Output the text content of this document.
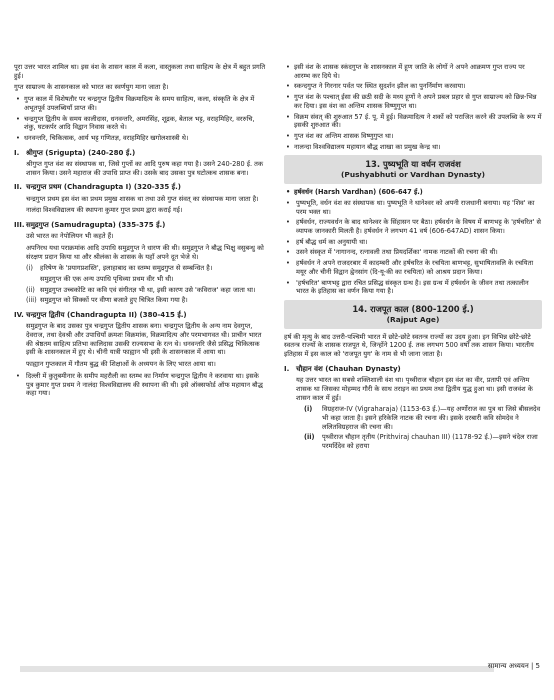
पूरा उत्तर भारत शामिल था। इस वंश के शासन काल में कला, वास्तुकला तथा साहित्य के क्षेत्र में बहुत प्रगति हुई।

गुप्त साम्राज्य के शासनकाल को भारत का स्वर्णयुग माना जाता है।

• गुप्त काल में विशेषतौर पर चन्द्रगुप्त द्वितीय विक्रमादित्य के समय साहित्य, कला, संस्कृति के क्षेत्र में अभूतपूर्व उपलब्धियाँ प्राप्त की।
• चन्द्रगुप्त द्वितीय के समय कालीदास, धनवन्तरि, अमरसिंह, शूद्रक, बेताल भट्ट, वराहमिहिर, वररुचि, शंकु, घटकर्पर आदि विद्वान निवास करते थे।
• धनवन्तरि, चिकित्सक, आर्य भट्ट गणितज्ञ, वराहमिहिर खगोलशास्त्री थे।
I. श्रीगुप्त (Srigupta) (240-280 ई.)

श्रीगुप्त गुप्त वंश का संस्थापक था, जिसे गुप्तों का आदि पुरुष कहा गया है। उसने 240-280 ई. तक शासन किया। उसने महाराज की उपाधि प्राप्त की। उसके बाद उसका पुत्र घटोत्कच शासक बना।

II. चन्द्रगुप्त प्रथम (Chandragupta I) (320-335 ई.)

चन्द्रगुप्त प्रथम इस वंश का प्रथम प्रमुख शासक था तथा उसे गुप्त संवत् का संस्थापक माना जाता है।

नालंदा विश्वविद्यालय की स्थापना कुमार गुप्त प्रथम द्वारा कराई गई।

III. समुद्रगुप्त (Samudragupta) (335-375 ई.)

उसे भारत का नेपोलियन भी कहते हैं।

अपनिरथ यथा पराक्रमांक आदि उपाधि समुद्रगुप्त ने धारण की थी। समुद्रगुप्त ने बौद्ध भिक्षु वसुबन्धु को संरक्षण प्रदान किया था और श्रीलंका के शासक के यहाँ अपने दूत भेजे थे।

(i) हरिषेण के 'प्रयागप्रशस्ति', इलाहाबाद का स्तम्भ समुद्रगुप्त से सम्बन्धित है।
समुद्रगुप्त की एक अन्य उपाधि पृथिव्या प्रथम वीर भी थी।
(ii) समुद्रगुप्त उच्चकोटि का कवि एवं संगीतज्ञ भी था, इसी कारण उसे 'कविराज' कहा जाता था।
(iii) समुद्रगुप्त को सिक्कों पर वीणा बजाते हुए चित्रित किया गया है।
IV. चन्द्रगुप्त द्वितीय (Chandragupta II) (380-415 ई.)

समुद्रगुप्त के बाद उसका पुत्र चन्द्रगुप्त द्वितीय शासक बना। चन्द्रगुप्त द्वितीय के अन्य नाम देवगुप्त, देवराज, तथा देवश्री और उपाधियाँ क्रमशः विक्रमांक, विक्रमादित्य और परमभागवत थी। प्राचीन भारत की श्रेष्ठतम साहित्य प्रतिभा कालिदास उसकी राज्यसभा के रत्न थे। धनवन्तरि जैसे प्रसिद्ध चिकित्सक इसी के शासनकाल में हुए थे। चीनी यात्री फाह्यान भी इसी के शासनकाल में आया था।

फाह्यान गुप्तकाल में गौतम बुद्ध की शिक्षाओं के अध्ययन के लिए भारत आया था।

• दिल्ली में कुतुबमीनार के समीप महरौली का स्तम्भ का निर्माण चन्द्रगुप्त द्वितीय ने करवाया था। इसके पुत्र कुमार गुप्त प्रथम ने नालंदा विश्वविद्यालय की स्थापना की थी। इसे ऑक्सफोर्ड ऑफ महायान बौद्ध कहा गया।
• इसी वंश के शासक स्कंदगुप्त के शासनकाल में हूण जाति के लोगों ने अपने आक्रमण गुप्त राज्य पर आरम्भ कर दिये थे।
• स्कन्दगुप्त ने गिरनार पर्वत पर स्थित सुदर्शन झील का पुनर्निर्माण करवाया।
• गुप्त वंश के पश्चात् ईसा की छठी सदी के मध्य हूणों ने अपने प्रबल प्रहार से गुप्त साम्राज्य को छिन्न-भिन्न कर दिया। इस वंश का अन्तिम शासक विष्णुगुप्त था।
• विक्रम संवत् की शुरुआत 57 ई. पू. में हुई। विक्रमादित्य ने शकों को पराजित करने की उपलब्धि के रूप में इसकी शुरुआत की।
• गुप्त वंश का अन्तिम शासक विष्णुगुप्त था।
• नालन्दा विश्वविद्यालय महायान बौद्ध शाखा का प्रमुख केन्द्र था।
13. पुष्यभूति या वर्धन राजवंश
(Pushyabhuti or Vardhan Dynasty)
• हर्षवर्धन (Harsh Vardhan) (606-647 ई.)
• पुष्यभूति, वर्धन वंश का संस्थापक था। पुष्यभूति ने थानेश्वर को अपनी राजधानी बनाया। यह 'शिव' का परम भक्त था।
• हर्षवर्धन, राज्यवर्धन के बाद थानेश्वर के सिंहासन पर बैठा। हर्षवर्धन के विषय में बाणभट्ट के 'हर्षचरित' से व्यापक जानकारी मिलती है। हर्षवर्धन ने लगभग 41 वर्ष (606-647AD) शासन किया।
• हर्ष बौद्ध धर्म का अनुयायी था।
• उसने संस्कृत में 'नागानन्द, रत्नावली तथा प्रियदर्शिका' नामक नाटकों की रचना की थी।
• हर्षवर्धन ने अपने राजदरबार में कादम्बरी और हर्षचरित के रचयिता बाणभट्ट, सुभाषितावलि के रचयिता मयूर और चीनी विद्वान ह्वेनसांग (दि-यू-की का रचयिता) को आश्रय प्रदान किया।
• 'हर्षचरित' बाणभट्ट द्वारा रचित प्रसिद्ध संस्कृत ग्रन्थ है। इस ग्रन्थ में हर्षवर्धन के जीवन तथा तत्कालीन भारत के इतिहास का वर्णन किया गया है।
14. राजपूत काल (800-1200 ई.)
(Rajput Age)

हर्ष की मृत्यु के बाद उत्तरी-पश्चिमी भारत में छोटे-छोटे स्वतन्त्र राज्यों का उदय हुआ। इन विभिन्न छोटे-छोटे स्वतन्त्र राज्यों के शासक राजपूत थे, जिन्होंने 1200 ई. तक लगभग 500 वर्षों तक शासन किया। भारतीय इतिहास में इस काल को 'राजपूत युग' के नाम से भी जाना जाता है।

I. चौहान वंश (Chauhan Dynasty)

यह उत्तर भारत का सबसे शक्तिशाली वंश था। पृथ्वीराज चौहान इस वंश का वीर, प्रतापी एवं अन्तिम शासक था जिसका मोहम्मद गौरी के साथ तराइन का प्रथम तथा द्वितीय युद्ध हुआ था। इसी राजवंश के शासन काल में हुई।

(i) विग्रहराज-IV (Vigraharaja) (1153-63 ई.)—यह अर्णोराज का पुत्र था जिसे बीसलदेव भी कहा जाता है। इसने हरिकेलि नाटक की रचना की। इसके दरबारी कवि सोमदेव ने ललितविग्रहराज की रचना की।
(ii) पृथ्वीराज चौहान तृतीय (Prithviraj chauhan III) (1178-92 ई.)—इसने चंदेल राजा परमर्दिदेव को हराया
सामान्य अध्ययन | 5
